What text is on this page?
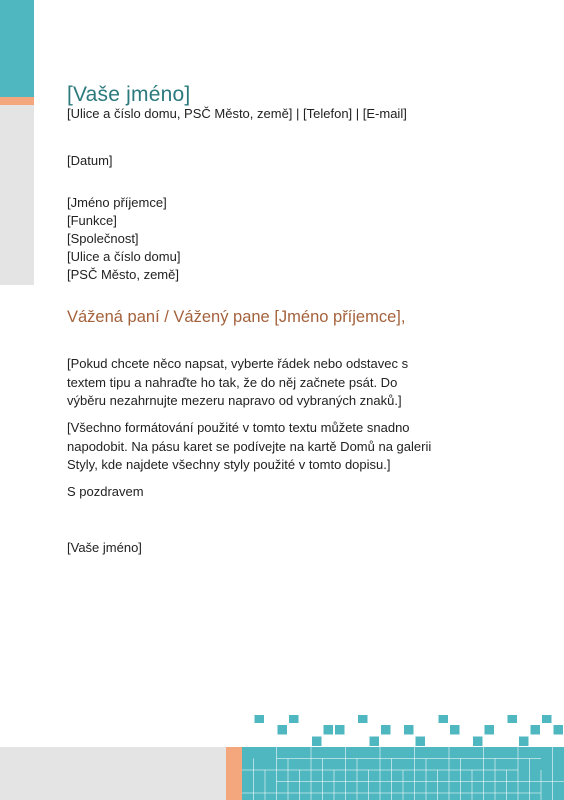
[Vaše jméno]
[Ulice a číslo domu, PSČ Město, země] | [Telefon] | [E-mail]
[Datum]
[Jméno příjemce]
[Funkce]
[Společnost]
[Ulice a číslo domu]
[PSČ Město, země]
Vážená paní / Vážený pane [Jméno příjemce],
[Pokud chcete něco napsat, vyberte řádek nebo odstavec s textem tipu a nahraďte ho tak, že do něj začnete psát. Do výběru nezahrnujte mezeru napravo od vybraných znaků.]
[Všechno formátování použité v tomto textu můžete snadno napodobit. Na pásu karet se podívejte na kartě Domů na galerii Styly, kde najdete všechny styly použité v tomto dopisu.]
S pozdravem
[Vaše jméno]
